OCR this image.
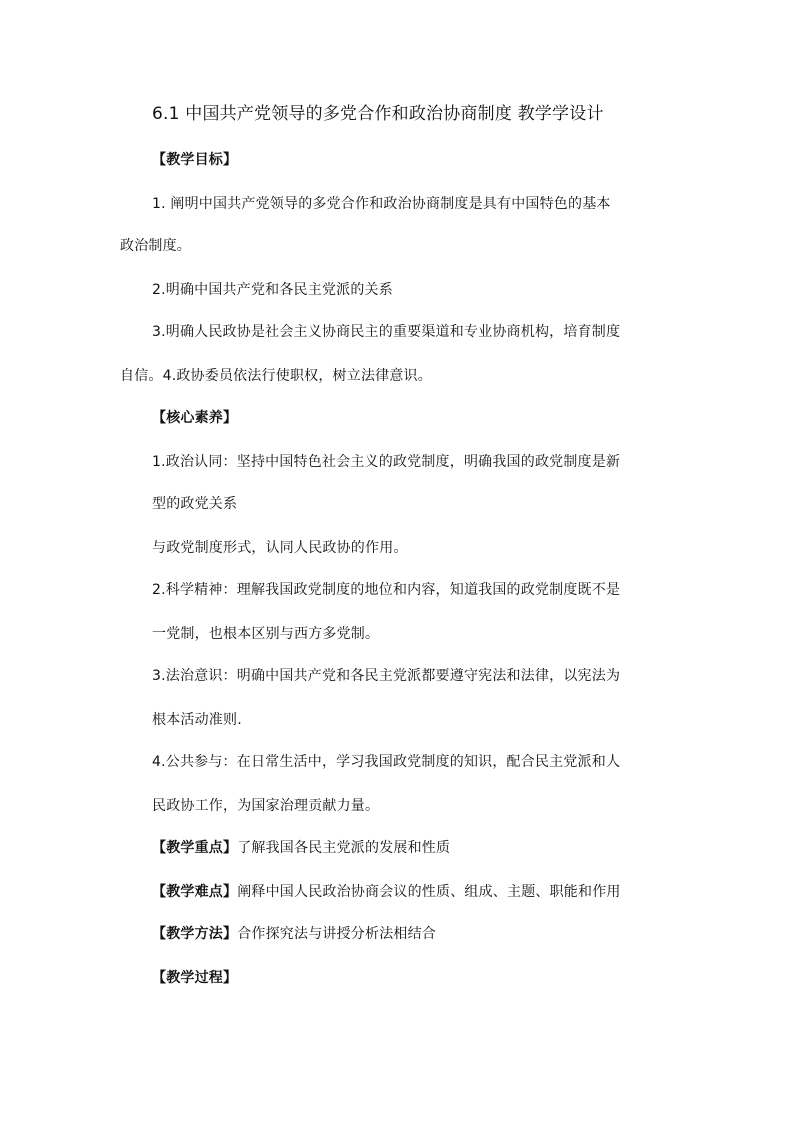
6.1 中国共产党领导的多党合作和政治协商制度 教学学设计
【教学目标】
1. 阐明中国共产党领导的多党合作和政治协商制度是具有中国特色的基本
政治制度。
2.明确中国共产党和各民主党派的关系
3.明确人民政协是社会主义协商民主的重要渠道和专业协商机构，培育制度
自信。4.政协委员依法行使职权，树立法律意识。
【核心素养】
1.政治认同：坚持中国特色社会主义的政党制度，明确我国的政党制度是新
型的政党关系
与政党制度形式，认同人民政协的作用。
2.科学精神：理解我国政党制度的地位和内容，知道我国的政党制度既不是
一党制，也根本区别与西方多党制。
3.法治意识：明确中国共产党和各民主党派都要遵守宪法和法律，以宪法为
根本活动准则.
4.公共参与：在日常生活中，学习我国政党制度的知识，配合民主党派和人
民政协工作，为国家治理贡献力量。
【教学重点】了解我国各民主党派的发展和性质
【教学难点】阐释中国人民政治协商会议的性质、组成、主题、职能和作用
【教学方法】合作探究法与讲授分析法相结合
【教学过程】
